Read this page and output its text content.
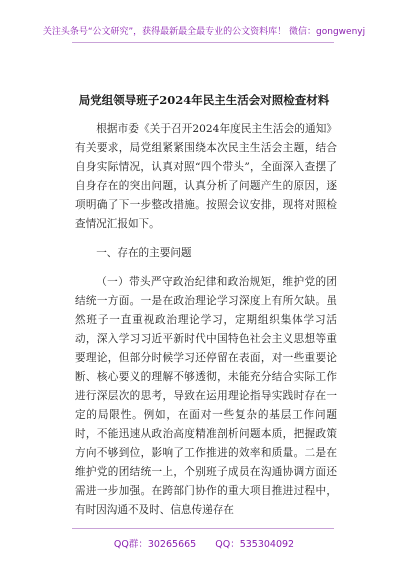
关注头条号“公文研究”，获得最新最全最专业的公文资料库！ 微信：gongwenyj
局党组领导班子2024年民主生活会对照检查材料

根据市委《关于召开2024年度民主生活会的通知》有关要求，局党组紧紧围绕本次民主生活会主题，结合自身实际情况，认真对照“四个带头”，全面深入查摆了自身存在的突出问题，认真分析了问题产生的原因，逐项明确了下一步整改措施。按照会议安排，现将对照检查情况汇报如下。

一、存在的主要问题

（一）带头严守政治纪律和政治规矩，维护党的团结统一方面。一是在政治理论学习深度上有所欠缺。虽然班子一直重视政治理论学习，定期组织集体学习活动，深入学习习近平新时代中国特色社会主义思想等重要理论，但部分时候学习还停留在表面，对一些重要论断、核心要义的理解不够透彻，未能充分结合实际工作进行深层次的思考，导致在运用理论指导实践时存在一定的局限性。例如，在面对一些复杂的基层工作问题时，不能迅速从政治高度精准剖析问题本质，把握政策方向不够到位，影响了工作推进的效率和质量。二是在维护党的团结统一上，个别班子成员在沟通协调方面还需进一步加强。在跨部门协作的重大项目推进过程中，有时因沟通不及时、信息传递存在

QQ群：30265665 QQ：535304092
